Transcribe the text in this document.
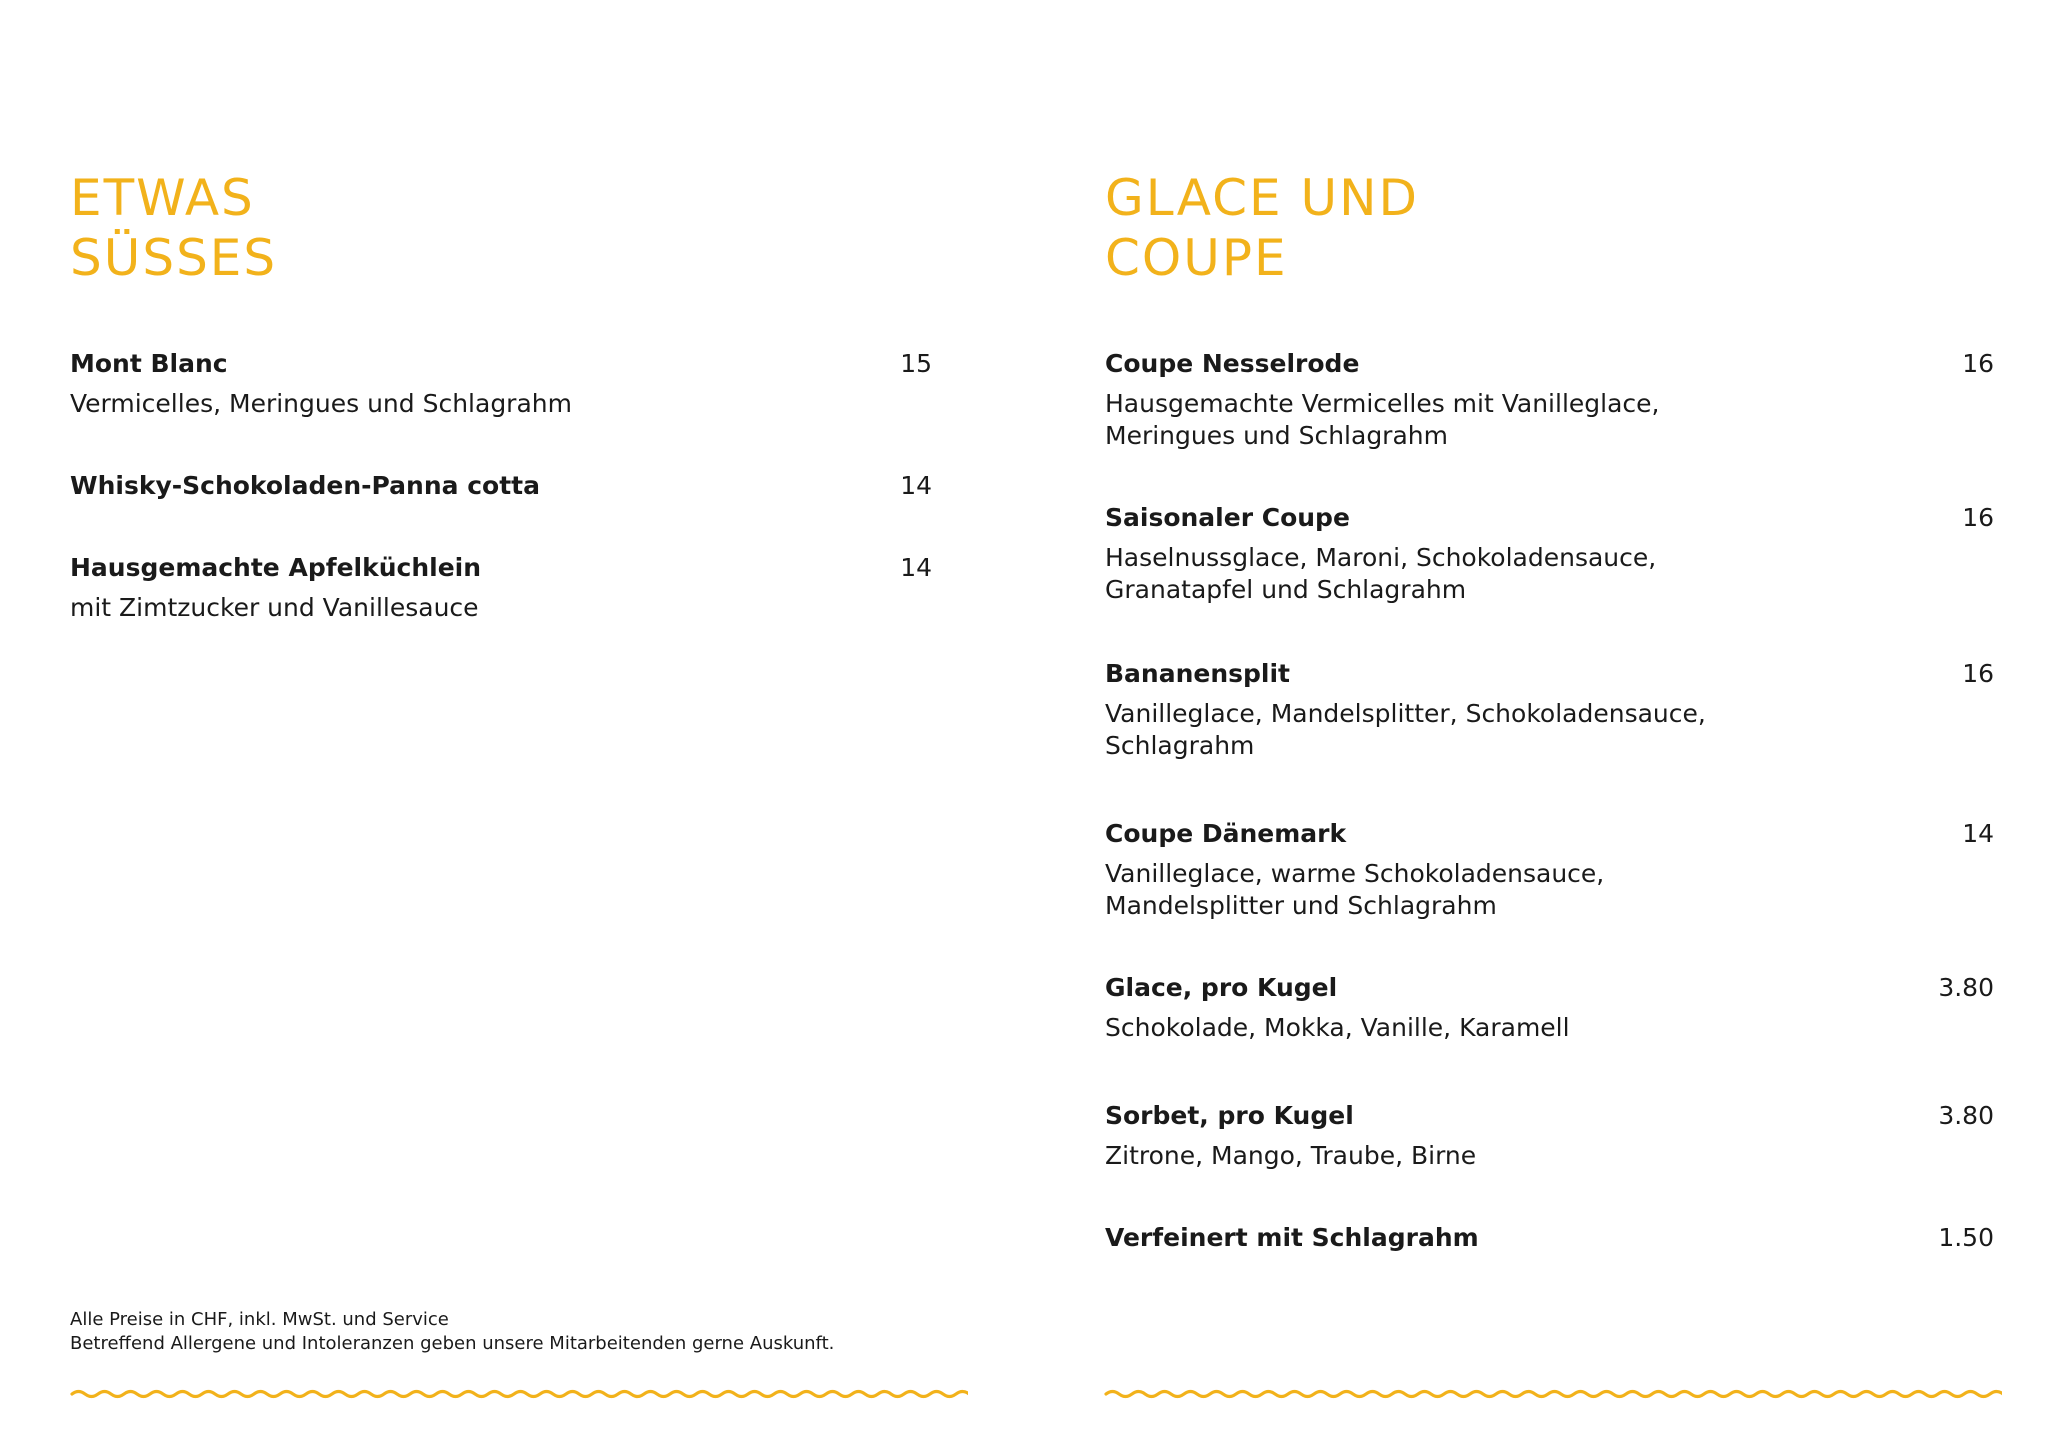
ETWAS
SÜSSES
Mont Blanc	15
Vermicelles, Meringues und Schlagrahm
Whisky-Schokoladen-Panna cotta	14
Hausgemachte Apfelküchlein	14
mit Zimtzucker und Vanillesauce
GLACE UND
COUPE
Coupe Nesselrode	16
Hausgemachte Vermicelles mit Vanilleglace,
Meringues und Schlagrahm
Saisonaler Coupe	16
Haselnussglace, Maroni, Schokoladensauce,
Granatapfel und Schlagrahm
Bananensplit	16
Vanilleglace, Mandelsplitter, Schokoladensauce,
Schlagrahm
Coupe Dänemark	14
Vanilleglace, warme Schokoladensauce,
Mandelsplitter und Schlagrahm
Glace, pro Kugel	3.80
Schokolade, Mokka, Vanille, Karamell
Sorbet, pro Kugel	3.80
Zitrone, Mango, Traube, Birne
Verfeinert mit Schlagrahm	1.50
Alle Preise in CHF, inkl. MwSt. und Service
Betreffend Allergene und Intoleranzen geben unsere Mitarbeitenden gerne Auskunft.
